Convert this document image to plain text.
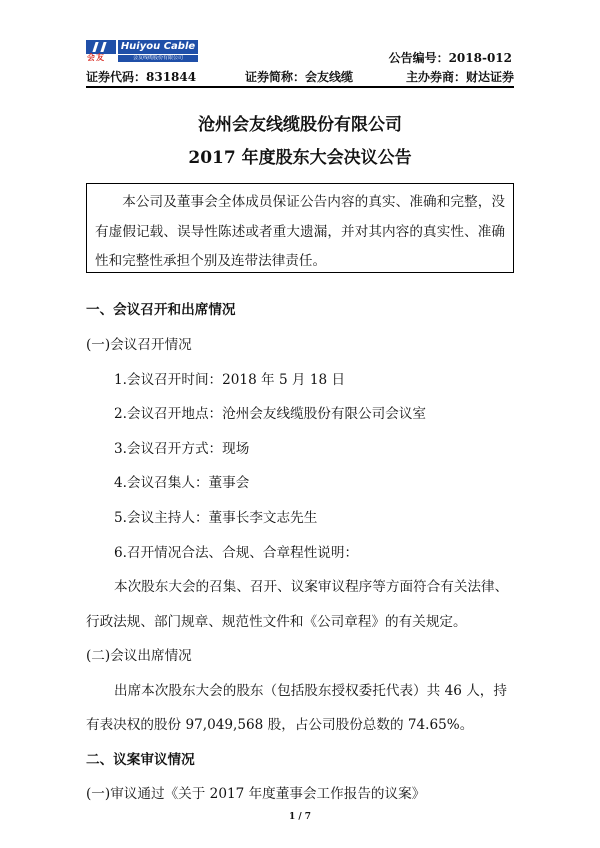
会友
Huiyou Cable
会友线缆股份有限公司	公告编号：2018-012
证券代码：831844	证券简称：会友线缆	主办券商：财达证券
沧州会友线缆股份有限公司
2017 年度股东大会决议公告
本公司及董事会全体成员保证公告内容的真实、准确和完整，没有虚假记载、误导性陈述或者重大遗漏，并对其内容的真实性、准确性和完整性承担个别及连带法律责任。
一、会议召开和出席情况
(一)会议召开情况
1.会议召开时间：2018 年 5 月 18 日
2.会议召开地点：沧州会友线缆股份有限公司会议室
3.会议召开方式：现场
4.会议召集人：董事会
5.会议主持人：董事长李文志先生
6.召开情况合法、合规、合章程性说明：
本次股东大会的召集、召开、议案审议程序等方面符合有关法律、
行政法规、部门规章、规范性文件和《公司章程》的有关规定。
(二)会议出席情况
出席本次股东大会的股东（包括股东授权委托代表）共 46 人，持
有表决权的股份 97,049,568 股，占公司股份总数的 74.65%。
二、议案审议情况
(一)审议通过《关于 2017 年度董事会工作报告的议案》
1 / 7
